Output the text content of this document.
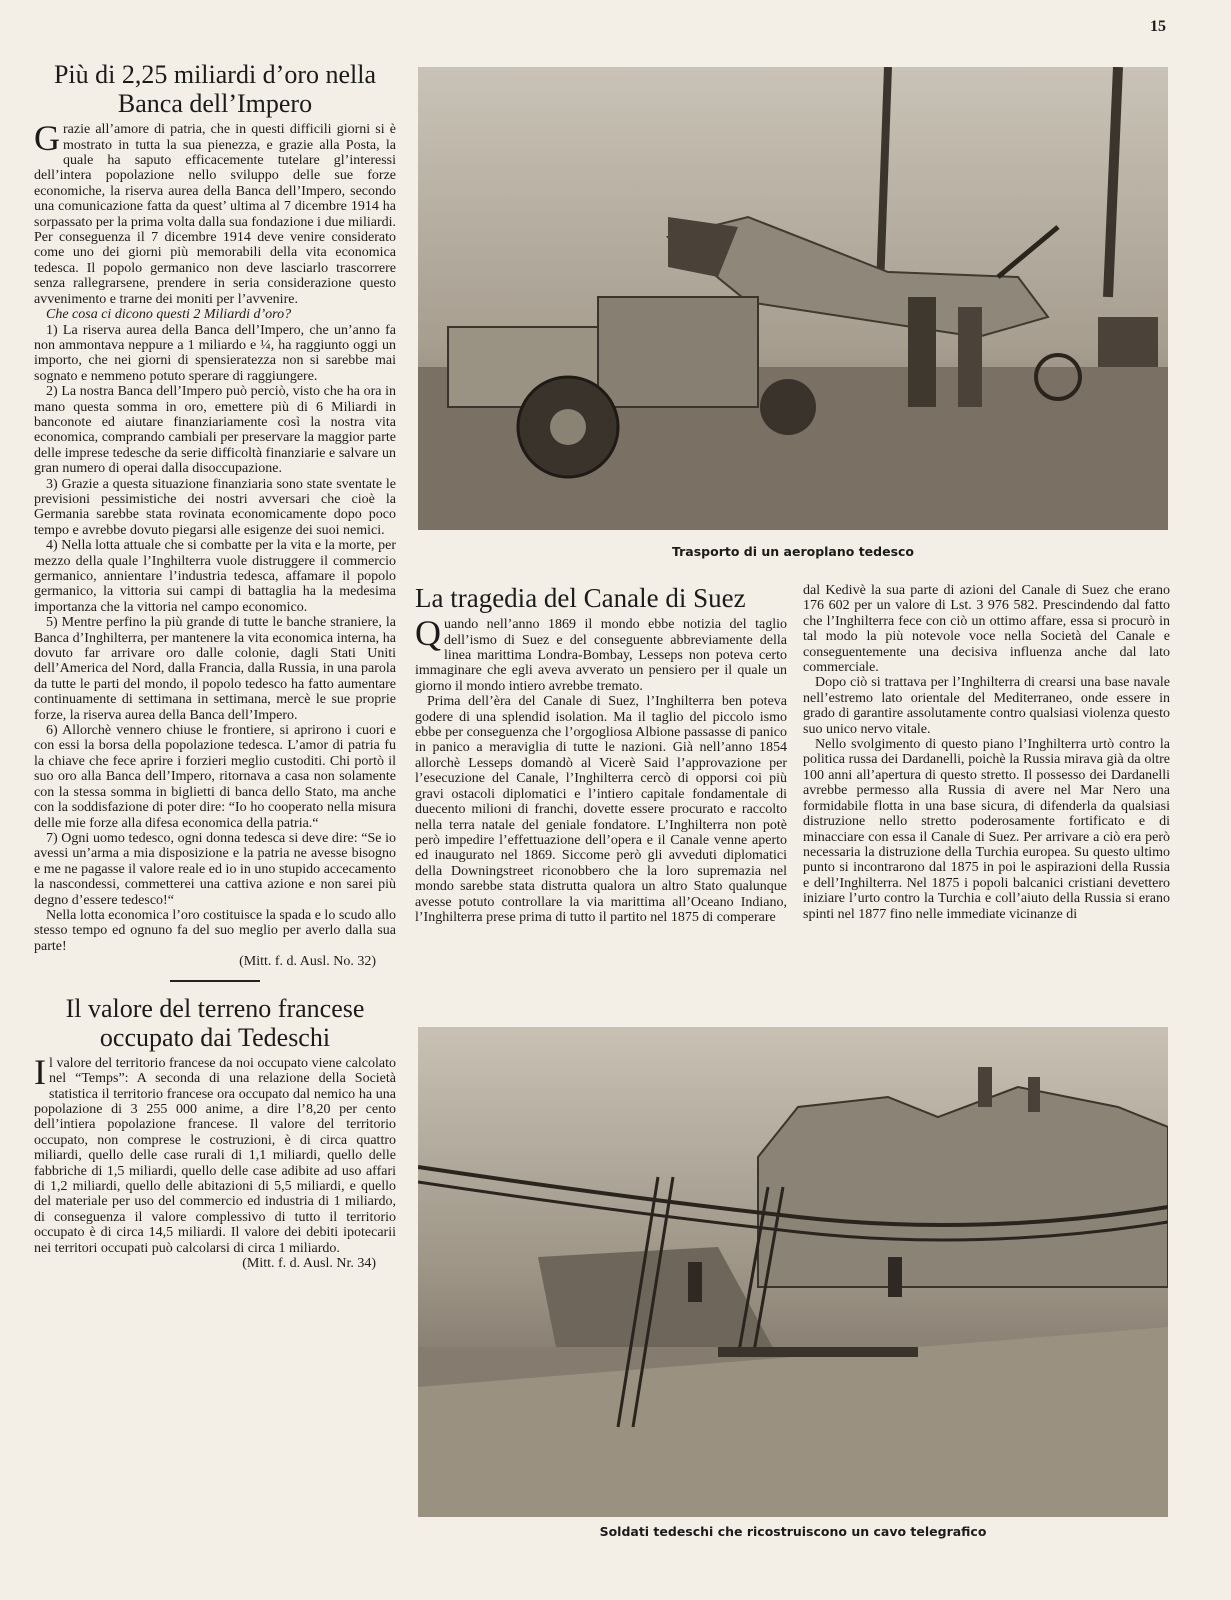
15
Più di 2,25 miliardi d’oro nella Banca dell’Impero

Grazie all’amore di patria, che in questi difficili giorni si è mostrato in tutta la sua pienezza, e grazie alla Posta, la quale ha saputo efficacemente tutelare gl’interessi dell’intera popolazione nello sviluppo delle sue forze economiche, la riserva aurea della Banca dell’Impero, secondo una comunicazione fatta da quest’ ultima al 7 dicembre 1914 ha sorpassato per la prima volta dalla sua fondazione i due miliardi. Per conseguenza il 7 dicembre 1914 deve venire considerato come uno dei giorni più memorabili della vita economica tedesca. Il popolo germanico non deve lasciarlo trascorrere senza rallegrarsene, prendere in seria considerazione questo avvenimento e trarne dei moniti per l’avvenire.

Che cosa ci dicono questi 2 Miliardi d’oro?

1) La riserva aurea della Banca dell’Impero, che un’anno fa non ammontava neppure a 1 miliardo e ¼, ha raggiunto oggi un importo, che nei giorni di spensieratezza non si sarebbe mai sognato e nemmeno potuto sperare di raggiungere.

2) La nostra Banca dell’Impero può perciò, visto che ha ora in mano questa somma in oro, emettere più di 6 Miliardi in banconote ed aiutare finanziariamente così la nostra vita economica, comprando cambiali per preservare la maggior parte delle imprese tedesche da serie difficoltà finanziarie e salvare un gran numero di operai dalla disoccupazione.

3) Grazie a questa situazione finanziaria sono state sventate le previsioni pessimistiche dei nostri avversari che cioè la Germania sarebbe stata rovinata economicamente dopo poco tempo e avrebbe dovuto piegarsi alle esigenze dei suoi nemici.

4) Nella lotta attuale che si combatte per la vita e la morte, per mezzo della quale l’Inghilterra vuole distruggere il commercio germanico, annientare l’industria tedesca, affamare il popolo germanico, la vittoria sui campi di battaglia ha la medesima importanza che la vittoria nel campo economico.

5) Mentre perfino la più grande di tutte le banche straniere, la Banca d’Inghilterra, per mantenere la vita economica interna, ha dovuto far arrivare oro dalle colonie, dagli Stati Uniti dell’America del Nord, dalla Francia, dalla Russia, in una parola da tutte le parti del mondo, il popolo tedesco ha fatto aumentare continuamente di settimana in settimana, mercè le sue proprie forze, la riserva aurea della Banca dell’Impero.

6) Allorchè vennero chiuse le frontiere, si aprirono i cuori e con essi la borsa della popolazione tedesca. L’amor di patria fu la chiave che fece aprire i forzieri meglio custoditi. Chi portò il suo oro alla Banca dell’Impero, ritornava a casa non solamente con la stessa somma in biglietti di banca dello Stato, ma anche con la soddisfazione di poter dire: “Io ho cooperato nella misura delle mie forze alla difesa economica della patria.“

7) Ogni uomo tedesco, ogni donna tedesca si deve dire: “Se io avessi un’arma a mia disposizione e la patria ne avesse bisogno e me ne pagasse il valore reale ed io in uno stupido accecamento la nascondessi, commetterei una cattiva azione e non sarei più degno d’essere tedesco!“

Nella lotta economica l’oro costituisce la spada e lo scudo allo stesso tempo ed ognuno fa del suo meglio per averlo dalla sua parte!

(Mitt. f. d. Ausl. No. 32)

Il valore del terreno francese occupato dai Tedeschi

Il valore del territorio francese da noi occupato viene calcolato nel “Temps”: A seconda di una relazione della Società statistica il territorio francese ora occupato dal nemico ha una popolazione di 3 255 000 anime, a dire l’8,20 per cento dell’intiera popolazione francese. Il valore del territorio occupato, non comprese le costruzioni, è di circa quattro miliardi, quello delle case rurali di 1,1 miliardi, quello delle fabbriche di 1,5 miliardi, quello delle case adibite ad uso affari di 1,2 miliardi, quello delle abitazioni di 5,5 miliardi, e quello del materiale per uso del commercio ed industria di 1 miliardo, di conseguenza il valore complessivo di tutto il territorio occupato è di circa 14,5 miliardi. Il valore dei debiti ipotecarii nei territori occupati può calcolarsi di circa 1 miliardo.

(Mitt. f. d. Ausl. Nr. 34)

Trasporto di un aeroplano tedesco
La tragedia del Canale di Suez

Quando nell’anno 1869 il mondo ebbe notizia del taglio dell’ismo di Suez e del conseguente abbreviamente della linea marittima Londra-Bombay, Lesseps non poteva certo immaginare che egli aveva avverato un pensiero per il quale un giorno il mondo intiero avrebbe tremato.

Prima dell’èra del Canale di Suez, l’Inghilterra ben poteva godere di una splendid isolation. Ma il taglio del piccolo ismo ebbe per conseguenza che l’orgogliosa Albione passasse di panico in panico a meraviglia di tutte le nazioni. Già nell’anno 1854 allorchè Lesseps domandò al Vicerè Said l’approvazione per l’esecuzione del Canale, l’Inghilterra cercò di opporsi coi più gravi ostacoli diplomatici e l’intiero capitale fondamentale di duecento milioni di franchi, dovette essere procurato e raccolto nella terra natale del geniale fondatore. L’Inghilterra non potè però impedire l’effettuazione dell’opera e il Canale venne aperto ed inaugurato nel 1869. Siccome però gli avveduti diplomatici della Downingstreet riconobbero che la loro supremazia nel mondo sarebbe stata distrutta qualora un altro Stato qualunque avesse potuto controllare la via marittima all’Oceano Indiano, l’Inghilterra prese prima di tutto il partito nel 1875 di comperare

dal Kedivè la sua parte di azioni del Canale di Suez che erano 176 602 per un valore di Lst. 3 976 582. Prescindendo dal fatto che l’Inghilterra fece con ciò un ottimo affare, essa si procurò in tal modo la più notevole voce nella Società del Canale e conseguentemente una decisiva influenza anche dal lato commerciale.

Dopo ciò si trattava per l’Inghilterra di crearsi una base navale nell’estremo lato orientale del Mediterraneo, onde essere in grado di garantire assolutamente contro qualsiasi violenza questo suo unico nervo vitale.

Nello svolgimento di questo piano l’Inghilterra urtò contro la politica russa dei Dardanelli, poichè la Russia mirava già da oltre 100 anni all’apertura di questo stretto. Il possesso dei Dardanelli avrebbe permesso alla Russia di avere nel Mar Nero una formidabile flotta in una base sicura, di difenderla da qualsiasi distruzione nello stretto poderosamente fortificato e di minacciare con essa il Canale di Suez. Per arrivare a ciò era però necessaria la distruzione della Turchia europea. Su questo ultimo punto si incontrarono dal 1875 in poi le aspirazioni della Russia e dell’Inghilterra. Nel 1875 i popoli balcanici cristiani devettero iniziare l’urto contro la Turchia e coll’aiuto della Russia si erano spinti nel 1877 fino nelle immediate vicinanze di

Soldati tedeschi che ricostruiscono un cavo telegrafico
